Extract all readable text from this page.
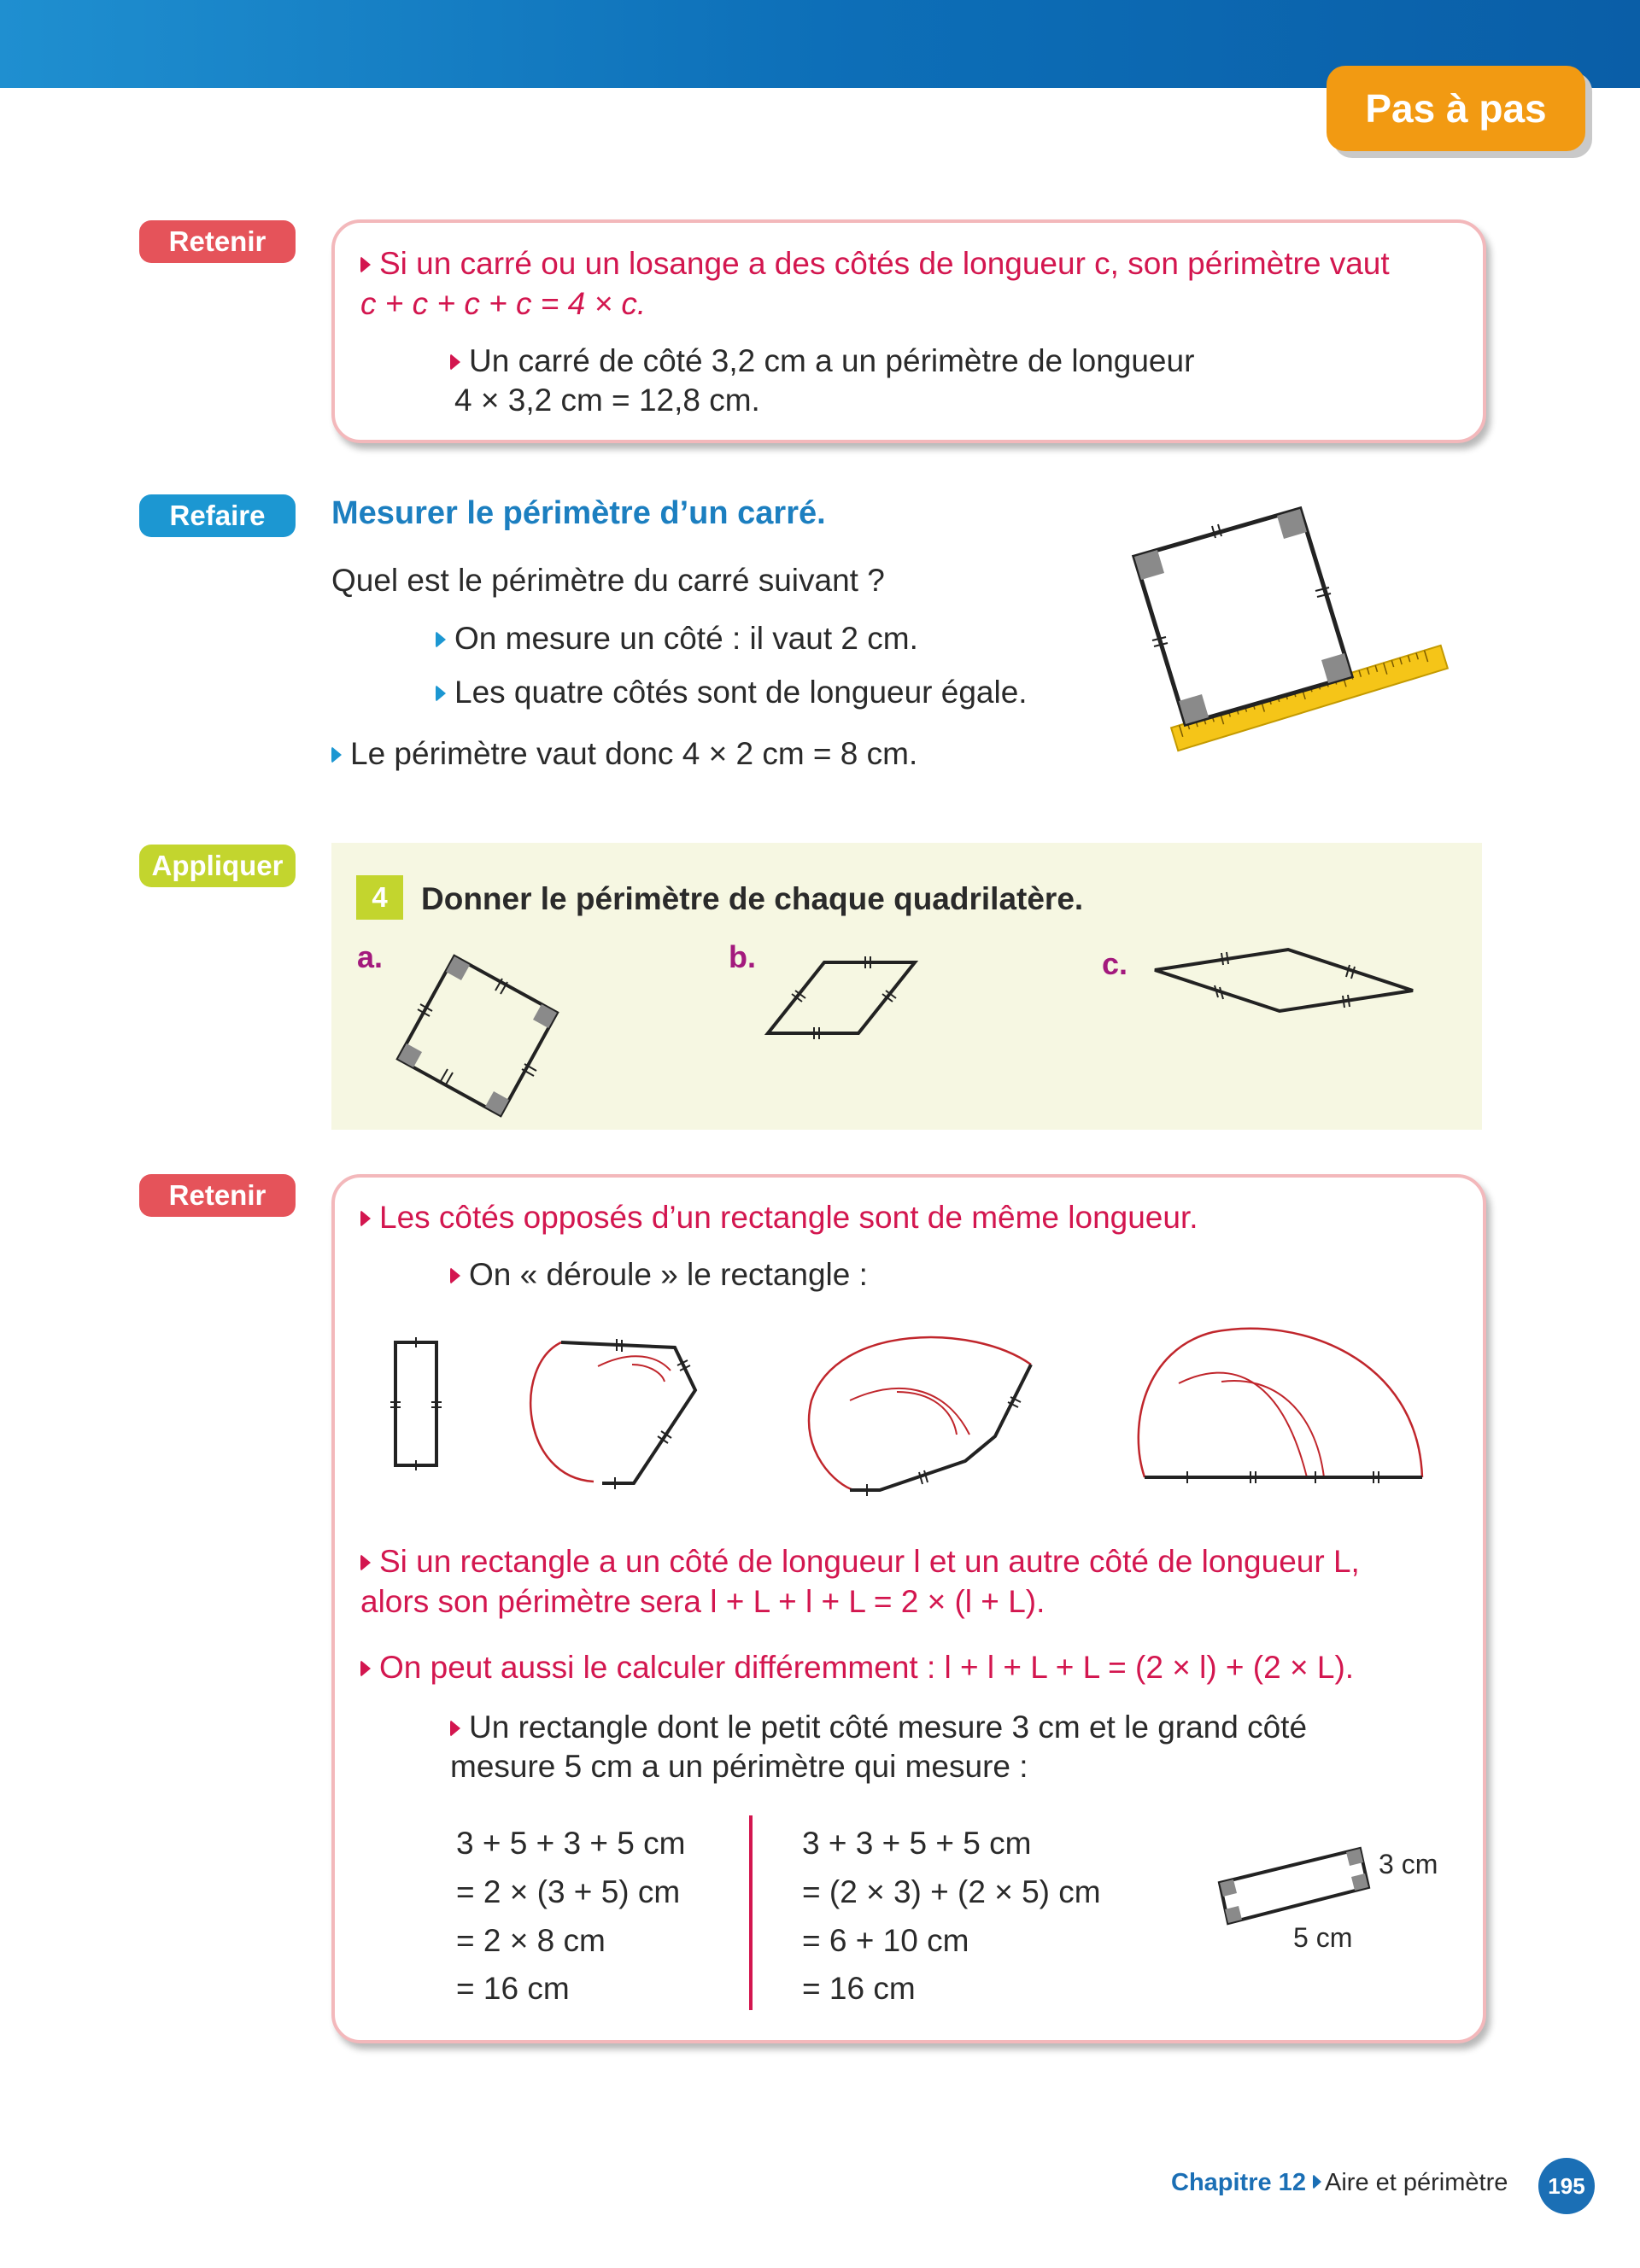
Pas à pas
Retenir
Si un carré ou un losange a des côtés de longueur c, son périmètre vaut
c + c + c + c = 4 × c.
Un carré de côté 3,2 cm a un périmètre de longueur
4 × 3,2 cm = 12,8 cm.
Refaire	Mesurer le périmètre d’un carré.
Quel est le périmètre du carré suivant ?
On mesure un côté : il vaut 2 cm.
Les quatre côtés sont de longueur égale.
Le périmètre vaut donc 4 × 2 cm = 8 cm.
Appliquer
4	Donner le périmètre de chaque quadrilatère.
a.	b.	c.
Retenir
Les côtés opposés d’un rectangle sont de même longueur.
On « déroule » le rectangle :
Si un rectangle a un côté de longueur l et un autre côté de longueur L,
alors son périmètre sera l + L + l + L = 2 × (l + L).
On peut aussi le calculer différemment : l + l + L + L = (2 × l) + (2 × L).
Un rectangle dont le petit côté mesure 3 cm et le grand côté
mesure 5 cm a un périmètre qui mesure :
3 + 5 + 3 + 5 cm
= 2 × (3 + 5) cm
= 2 × 8 cm
= 16 cm
3 + 3 + 5 + 5 cm
= (2 × 3) + (2 × 5) cm
= 6 + 10 cm
= 16 cm
3 cm
5 cm
Chapitre 12 Aire et périmètre	195
